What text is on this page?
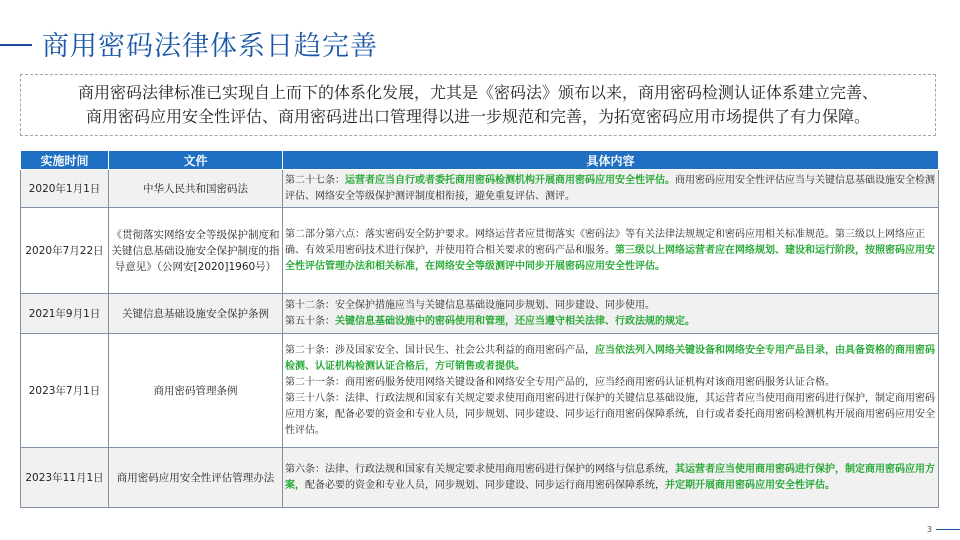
商用密码法律体系日趋完善
商用密码法律标准已实现自上而下的体系化发展，尤其是《密码法》颁布以来，商用密码检测认证体系建立完善、
商用密码应用安全性评估、商用密码进出口管理得以进一步规范和完善，为拓宽密码应用市场提供了有力保障。
实施时间	文件	具体内容
2020年1月1日	中华人民共和国密码法	第二十七条：运营者应当自行或者委托商用密码检测机构开展商用密码应用安全性评估。商用密码应用安全性评估应当与关键信息基础设施安全检测评估、网络安全等级保护测评制度相衔接，避免重复评估、测评。
2020年7月22日	《贯彻落实网络安全等级保护制度和关键信息基础设施安全保护制度的指导意见》（公网安[2020]1960号）	第二部分第六点：落实密码安全防护要求。网络运营者应贯彻落实《密码法》等有关法律法规规定和密码应用相关标准规范。第三级以上网络应正确、有效采用密码技术进行保护，并使用符合相关要求的密码产品和服务。第三级以上网络运营者应在网络规划、建设和运行阶段，按照密码应用安全性评估管理办法和相关标准，在网络安全等级测评中同步开展密码应用安全性评估。
2021年9月1日	关键信息基础设施安全保护条例	第十二条：安全保护措施应当与关键信息基础设施同步规划、同步建设、同步使用。
第五十条：关键信息基础设施中的密码使用和管理，还应当遵守相关法律、行政法规的规定。
2023年7月1日	商用密码管理条例	第二十条：涉及国家安全、国计民生、社会公共利益的商用密码产品，应当依法列入网络关键设备和网络安全专用产品目录，由具备资格的商用密码检测、认证机构检测认证合格后，方可销售或者提供。
第二十一条：商用密码服务使用网络关键设备和网络安全专用产品的，应当经商用密码认证机构对该商用密码服务认证合格。
第三十八条：法律、行政法规和国家有关规定要求使用商用密码进行保护的关键信息基础设施，其运营者应当使用商用密码进行保护，制定商用密码应用方案，配备必要的资金和专业人员，同步规划、同步建设、同步运行商用密码保障系统，自行或者委托商用密码检测机构开展商用密码应用安全性评估。
2023年11月1日	商用密码应用安全性评估管理办法	第六条：法律、行政法规和国家有关规定要求使用商用密码进行保护的网络与信息系统，其运营者应当使用商用密码进行保护，制定商用密码应用方案，配备必要的资金和专业人员，同步规划、同步建设、同步运行商用密码保障系统，并定期开展商用密码应用安全性评估。
3
